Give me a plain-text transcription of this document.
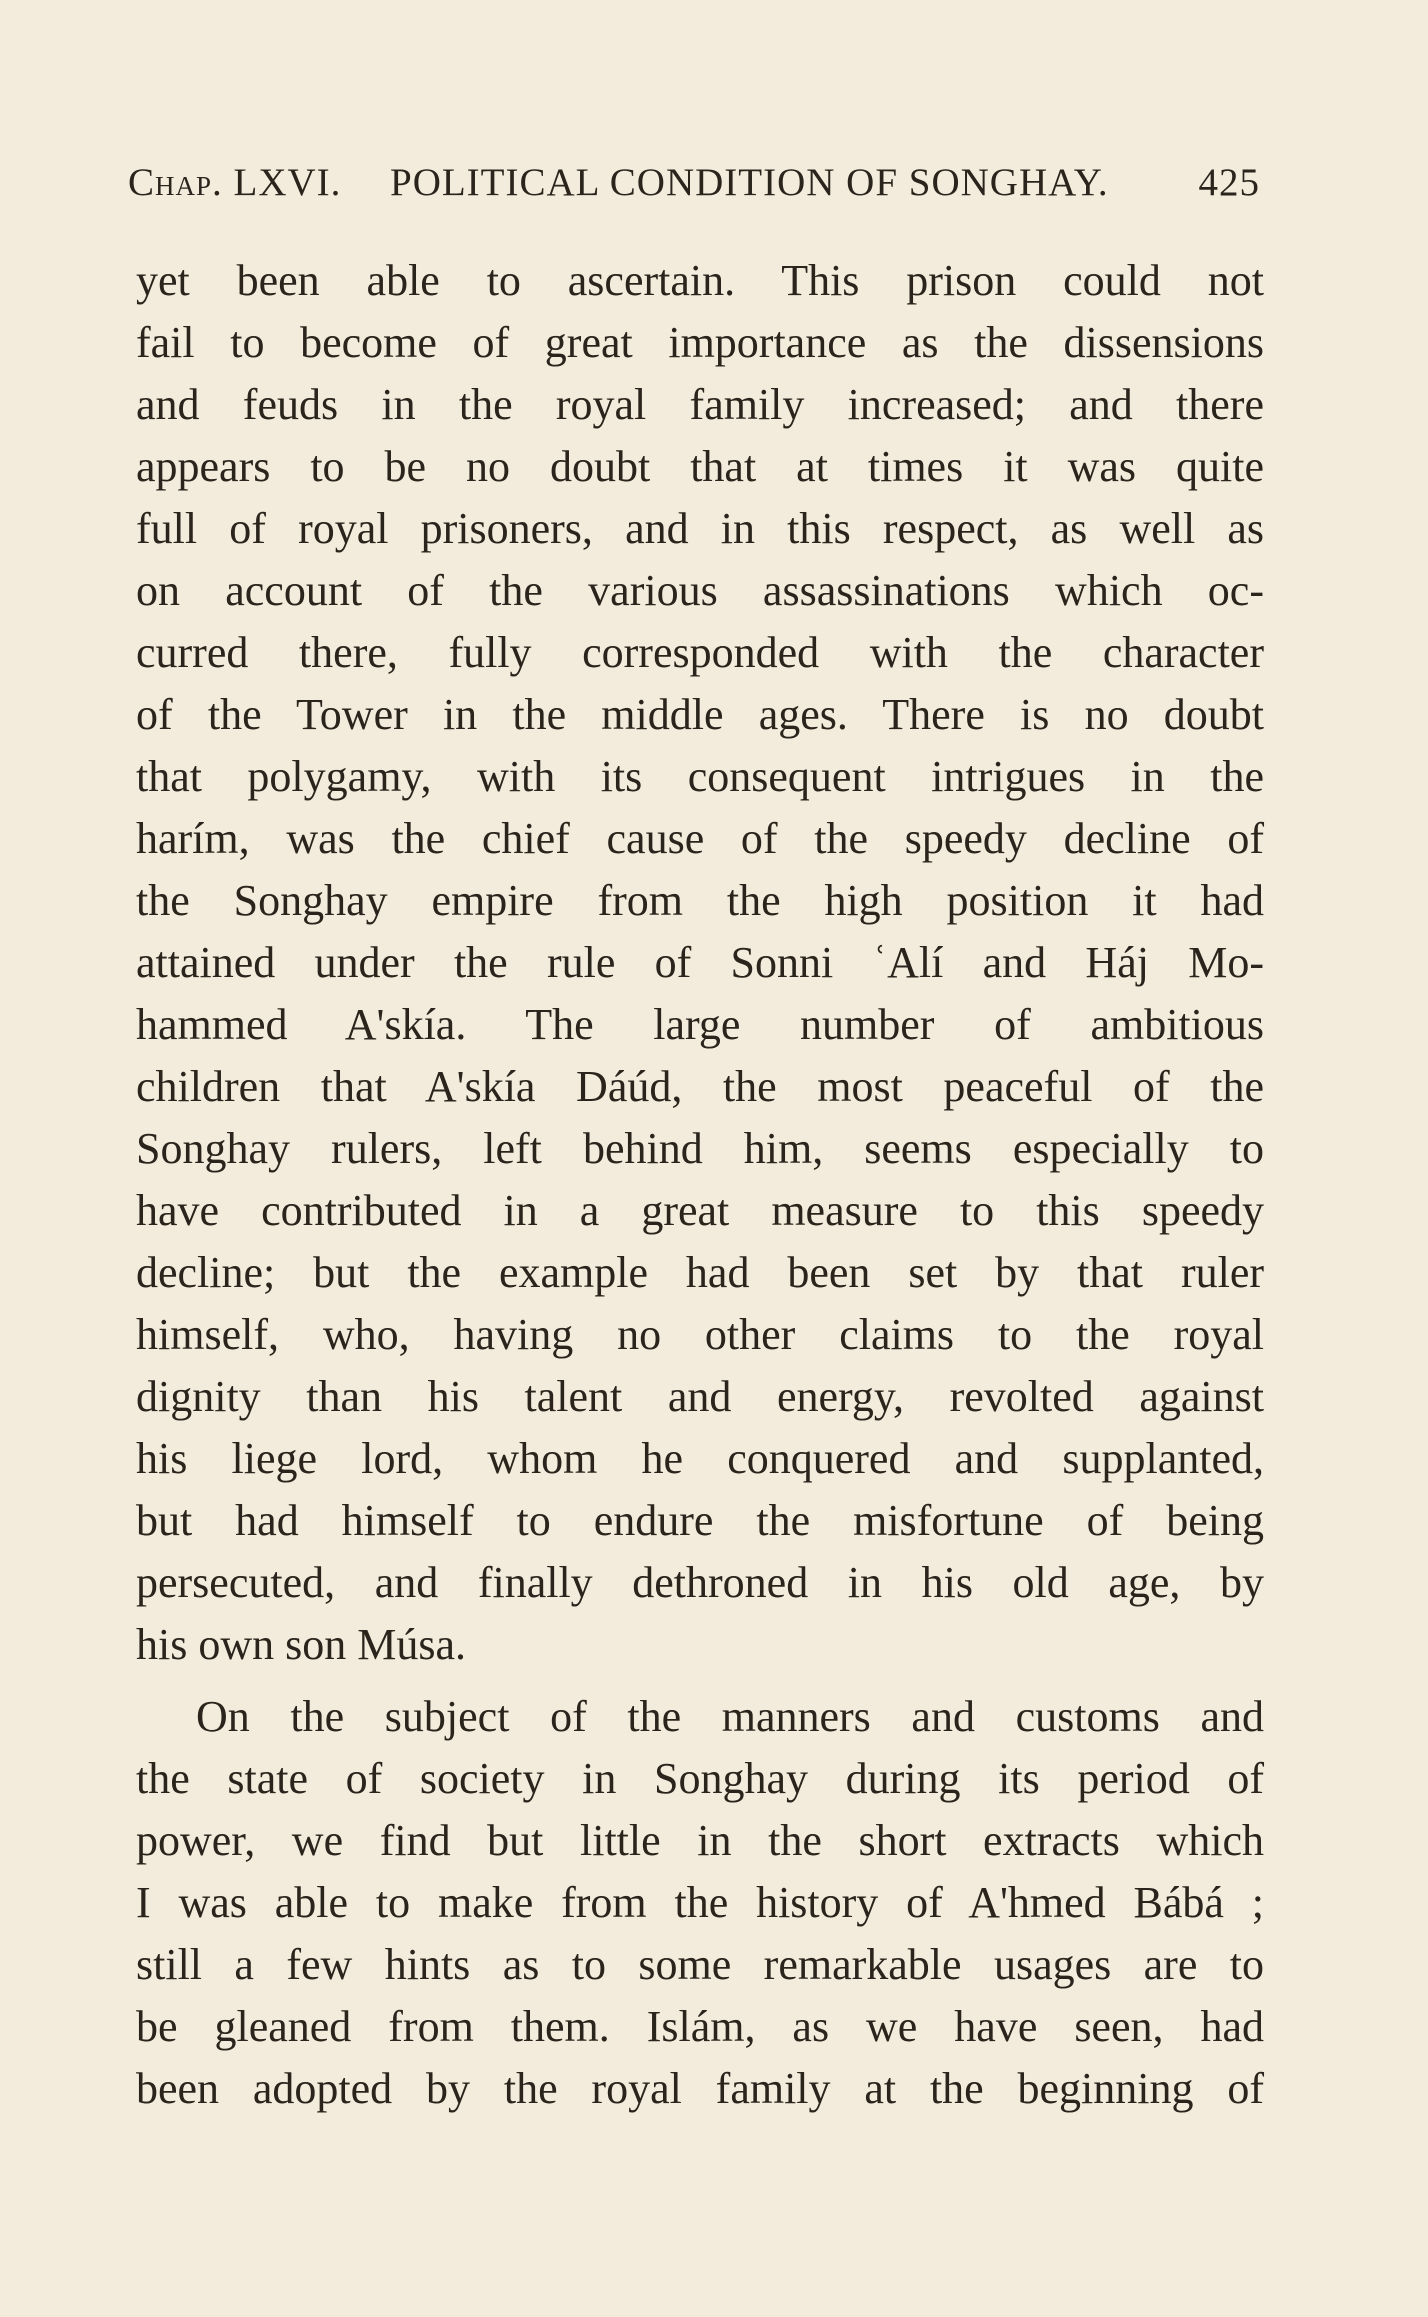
Chap. LXVI. POLITICAL CONDITION OF SONGHAY. 425
yet been able to ascertain. This prison could not
fail to become of great importance as the dissensions
and feuds in the royal family increased; and there
appears to be no doubt that at times it was quite
full of royal prisoners, and in this respect, as well as
on account of the various assassinations which oc-
curred there, fully corresponded with the character
of the Tower in the middle ages. There is no doubt
that polygamy, with its consequent intrigues in the
harím, was the chief cause of the speedy decline of
the Songhay empire from the high position it had
attained under the rule of Sonni ʿAlí and Háj Mo-
hammed A'skía. The large number of ambitious
children that A'skía Dáúd, the most peaceful of the
Songhay rulers, left behind him, seems especially to
have contributed in a great measure to this speedy
decline; but the example had been set by that ruler
himself, who, having no other claims to the royal
dignity than his talent and energy, revolted against
his liege lord, whom he conquered and supplanted,
but had himself to endure the misfortune of being
persecuted, and finally dethroned in his old age, by
his own son Músa.
On the subject of the manners and customs and
the state of society in Songhay during its period of
power, we find but little in the short extracts which
I was able to make from the history of A'hmed Bábá ;
still a few hints as to some remarkable usages are to
be gleaned from them. Islám, as we have seen, had
been adopted by the royal family at the beginning of
